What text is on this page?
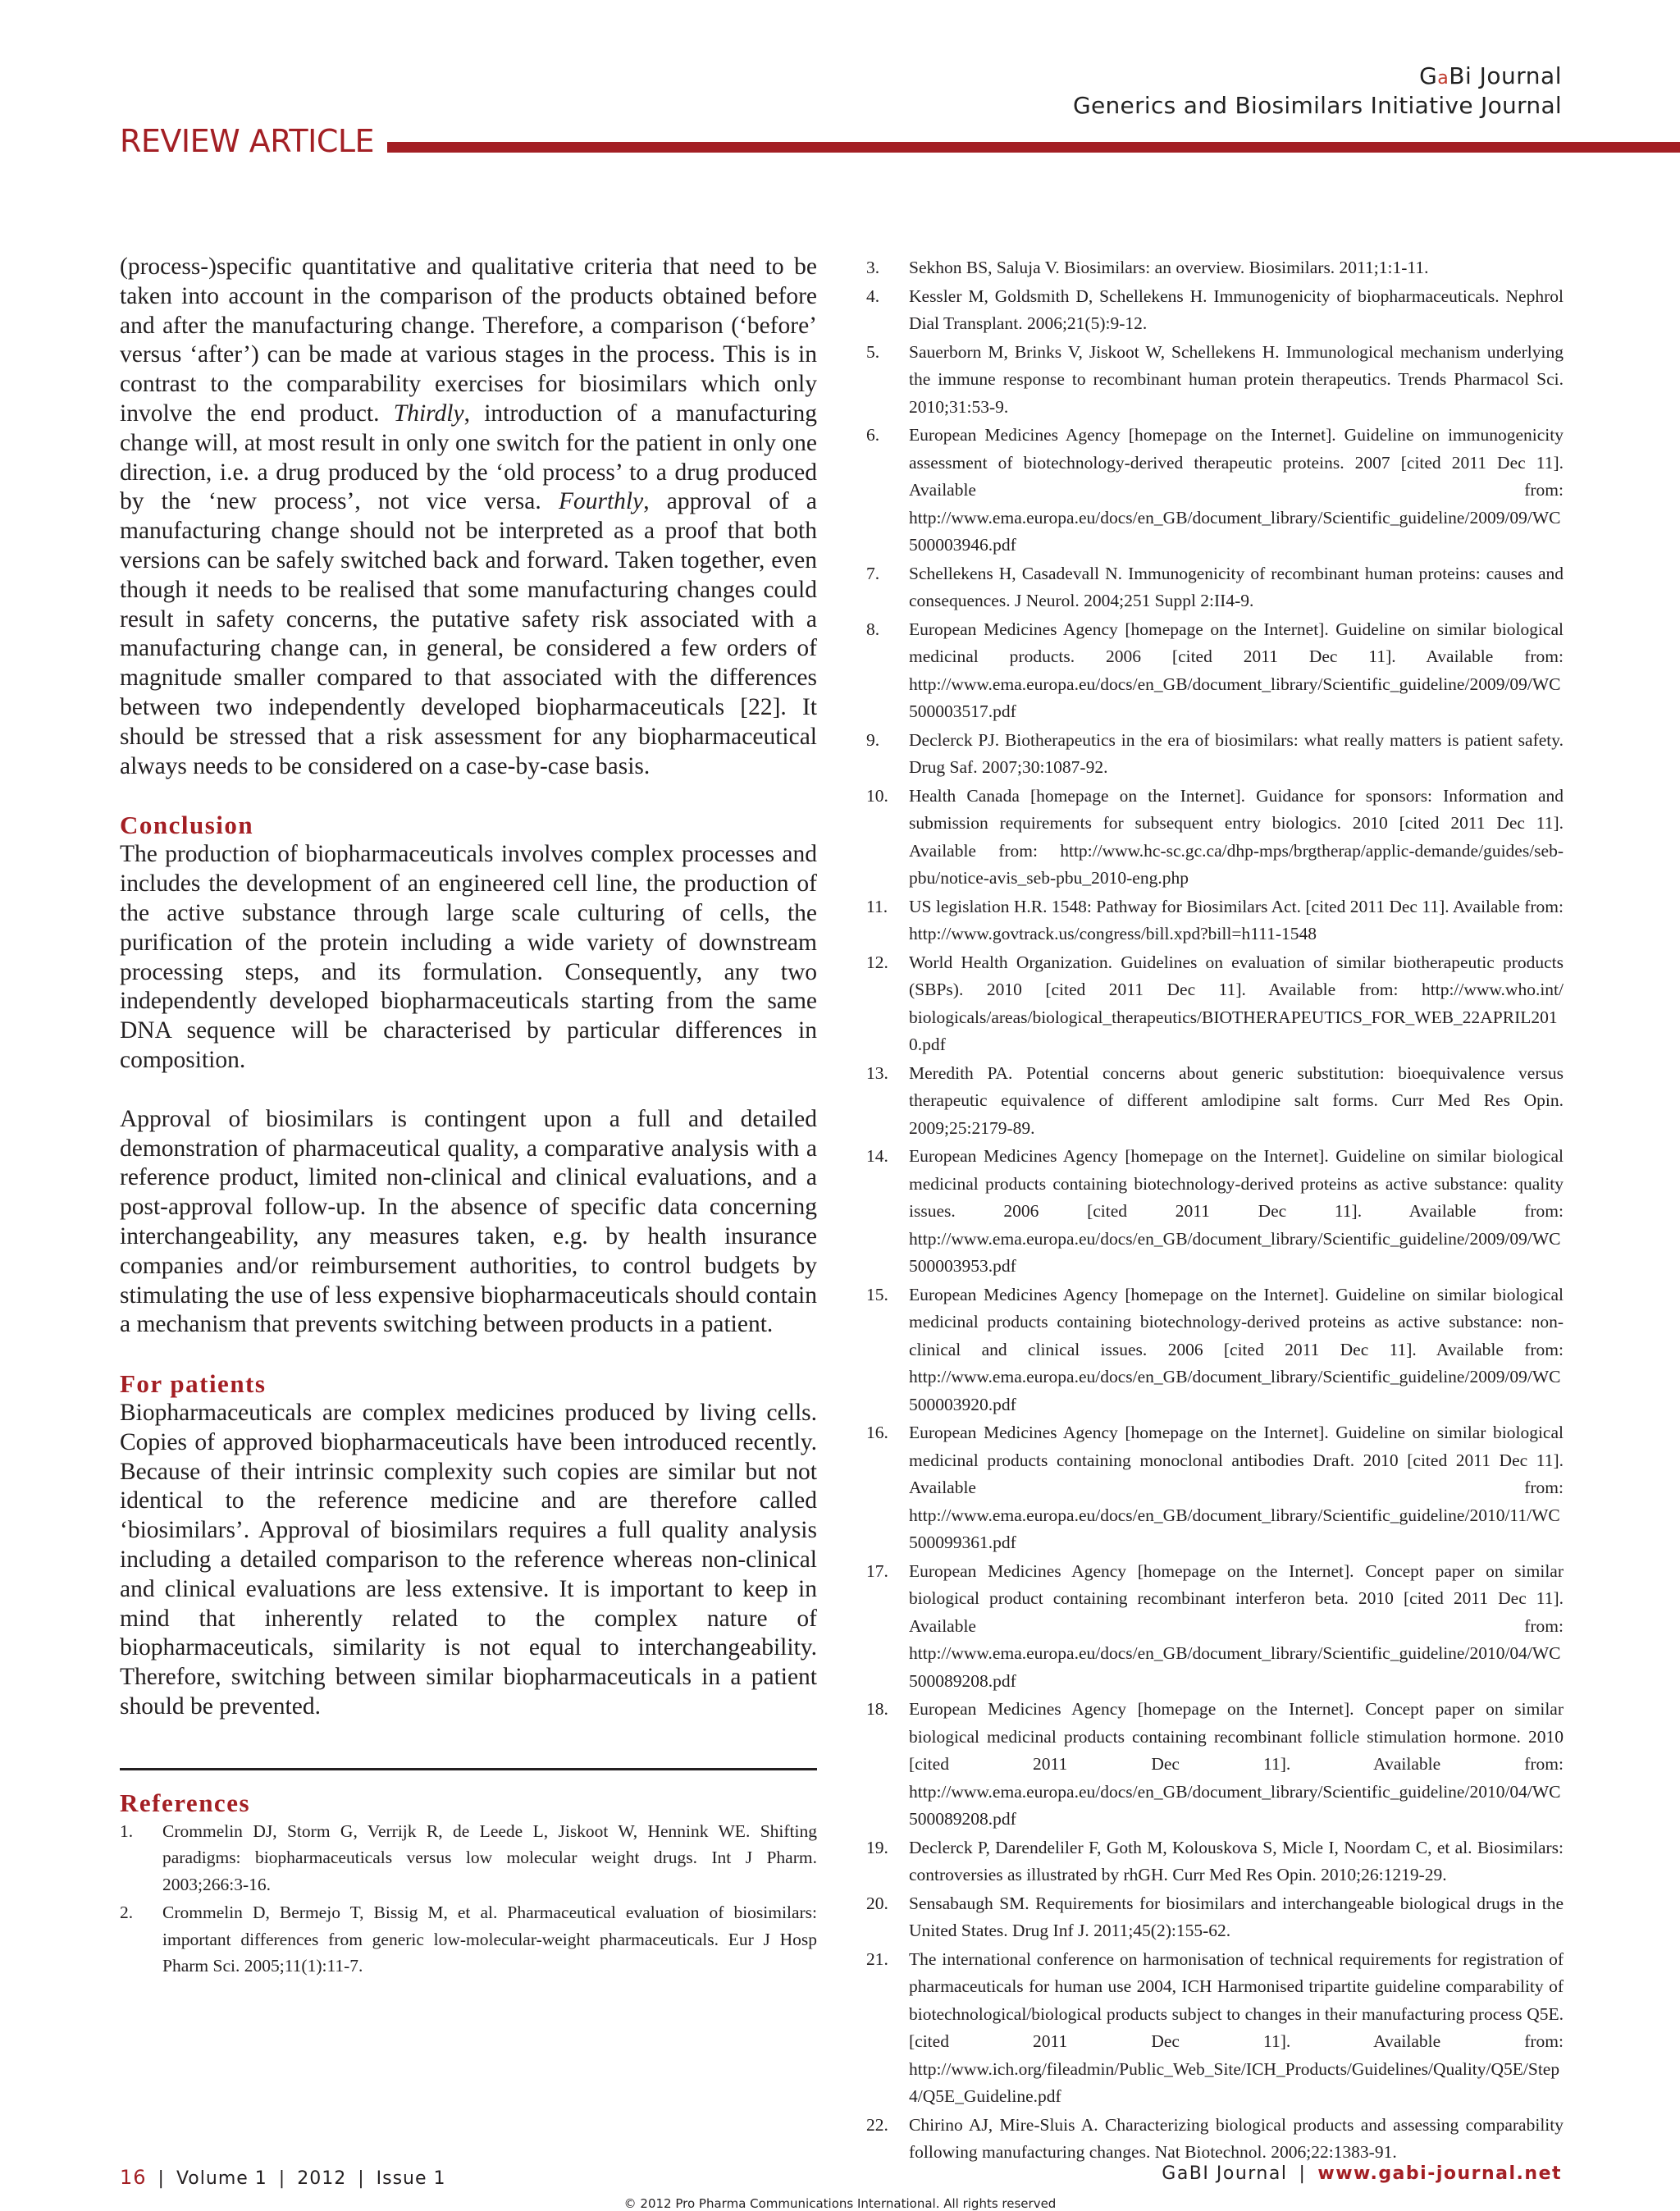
GaBi Journal
Generics and Biosimilars Initiative Journal
REVIEW ARTICLE

(process-)specific quantitative and qualitative criteria that need to be taken into account in the comparison of the products obtained before and after the manufacturing change. Therefore, a comparison (‘before’ versus ‘after’) can be made at various stages in the process. This is in contrast to the comparability exercises for biosimilars which only involve the end product. Thirdly, introduction of a manufacturing change will, at most result in only one switch for the patient in only one direction, i.e. a drug produced by the ‘old process’ to a drug produced by the ‘new process’, not vice versa. Fourthly, approval of a manufacturing change should not be interpreted as a proof that both versions can be safely switched back and forward. Taken together, even though it needs to be realised that some manufacturing changes could result in safety concerns, the putative safety risk associated with a manufacturing change can, in general, be considered a few orders of magnitude smaller compared to that associated with the differences between two independently developed biopharmaceuticals [22]. It should be stressed that a risk assessment for any biopharmaceutical always needs to be considered on a case-by-case basis.

Conclusion

The production of biopharmaceuticals involves complex processes and includes the development of an engineered cell line, the production of the active substance through large scale culturing of cells, the purification of the protein including a wide variety of downstream processing steps, and its formulation. Consequently, any two independently developed biopharmaceuticals starting from the same DNA sequence will be characterised by particular differences in composition.

Approval of biosimilars is contingent upon a full and detailed demonstration of pharmaceutical quality, a comparative analysis with a reference product, limited non-clinical and clinical evaluations, and a post-approval follow-up. In the absence of specific data concerning interchangeability, any measures taken, e.g. by health insurance companies and/or reimbursement authorities, to control budgets by stimulating the use of less expensive biopharmaceuticals should contain a mechanism that prevents switching between products in a patient.

For patients

Biopharmaceuticals are complex medicines produced by living cells. Copies of approved biopharmaceuticals have been introduced recently. Because of their intrinsic complexity such copies are similar but not identical to the reference medicine and are therefore called ‘biosimilars’. Approval of biosimilars requires a full quality analysis including a detailed comparison to the reference whereas non-clinical and clinical evaluations are less extensive. It is important to keep in mind that inherently related to the complex nature of biopharmaceuticals, similarity is not equal to interchangeability. Therefore, switching between similar biopharmaceuticals in a patient should be prevented.

References
1.	Crommelin DJ, Storm G, Verrijk R, de Leede L, Jiskoot W, Hennink WE. Shifting paradigms: biopharmaceuticals versus low molecular weight drugs. Int J Pharm. 2003;266:3-16.
2.	Crommelin D, Bermejo T, Bissig M, et al. Pharmaceutical evaluation of biosimilars: important differences from generic low-molecular-weight pharmaceuticals. Eur J Hosp Pharm Sci. 2005;11(1):11-7.
3.	Sekhon BS, Saluja V. Biosimilars: an overview. Biosimilars. 2011;1:1-11.
4.	Kessler M, Goldsmith D, Schellekens H. Immunogenicity of biopharmaceuticals. Nephrol Dial Transplant. 2006;21(5):9-12.
5.	Sauerborn M, Brinks V, Jiskoot W, Schellekens H. Immunological mechanism underlying the immune response to recombinant human protein therapeutics. Trends Pharmacol Sci. 2010;31:53-9.
6.	European Medicines Agency [homepage on the Internet]. Guideline on immunogenicity assessment of biotechnology-derived therapeutic proteins. 2007 [cited 2011 Dec 11]. Available from: http://www.ema.europa.eu/docs/en_GB/document_library/Scientific_guideline/2009/09/WC500003946.pdf
7.	Schellekens H, Casadevall N. Immunogenicity of recombinant human proteins: causes and consequences. J Neurol. 2004;251 Suppl 2:II4-9.
8.	European Medicines Agency [homepage on the Internet]. Guideline on similar biological medicinal products. 2006 [cited 2011 Dec 11]. Available from: http://www.ema.europa.eu/docs/en_GB/document_library/Scientific_guideline/2009/09/WC500003517.pdf
9.	Declerck PJ. Biotherapeutics in the era of biosimilars: what really matters is patient safety. Drug Saf. 2007;30:1087-92.
10.	Health Canada [homepage on the Internet]. Guidance for sponsors: Information and submission requirements for subsequent entry biologics. 2010 [cited 2011 Dec 11]. Available from: http://www.hc-sc.gc.ca/dhp-mps/brgtherap/applic-demande/guides/seb-pbu/notice-avis_seb-pbu_2010-eng.php
11.	US legislation H.R. 1548: Pathway for Biosimilars Act. [cited 2011 Dec 11]. Available from: http://www.govtrack.us/congress/bill.xpd?bill=h111-1548
12.	World Health Organization. Guidelines on evaluation of similar biotherapeutic products (SBPs). 2010 [cited 2011 Dec 11]. Available from: http://www.who.int/ biologicals/areas/biological_therapeutics/BIOTHERAPEUTICS_FOR_WEB_22APRIL2010.pdf
13.	Meredith PA. Potential concerns about generic substitution: bioequivalence versus therapeutic equivalence of different amlodipine salt forms. Curr Med Res Opin. 2009;25:2179-89.
14.	European Medicines Agency [homepage on the Internet]. Guideline on similar biological medicinal products containing biotechnology-derived proteins as active substance: quality issues. 2006 [cited 2011 Dec 11]. Available from: http://www.ema.europa.eu/docs/en_GB/document_library/Scientific_guideline/2009/09/WC500003953.pdf
15.	European Medicines Agency [homepage on the Internet]. Guideline on similar biological medicinal products containing biotechnology-derived proteins as active substance: non-clinical and clinical issues. 2006 [cited 2011 Dec 11]. Available from: http://www.ema.europa.eu/docs/en_GB/document_library/Scientific_guideline/2009/09/WC500003920.pdf
16.	European Medicines Agency [homepage on the Internet]. Guideline on similar biological medicinal products containing monoclonal antibodies Draft. 2010 [cited 2011 Dec 11]. Available from: http://www.ema.europa.eu/docs/en_GB/document_library/Scientific_guideline/2010/11/WC500099361.pdf
17.	European Medicines Agency [homepage on the Internet]. Concept paper on similar biological product containing recombinant interferon beta. 2010 [cited 2011 Dec 11]. Available from: http://www.ema.europa.eu/docs/en_GB/document_library/Scientific_guideline/2010/04/WC500089208.pdf
18.	European Medicines Agency [homepage on the Internet]. Concept paper on similar biological medicinal products containing recombinant follicle stimulation hormone. 2010 [cited 2011 Dec 11]. Available from: http://www.ema.europa.eu/docs/en_GB/document_library/Scientific_guideline/2010/04/WC500089208.pdf
19.	Declerck P, Darendeliler F, Goth M, Kolouskova S, Micle I, Noordam C, et al. Biosimilars: controversies as illustrated by rhGH. Curr Med Res Opin. 2010;26:1219-29.
20.	Sensabaugh SM. Requirements for biosimilars and interchangeable biological drugs in the United States. Drug Inf J. 2011;45(2):155-62.
21.	The international conference on harmonisation of technical requirements for registration of pharmaceuticals for human use 2004, ICH Harmonised tripartite guideline comparability of biotechnological/biological products subject to changes in their manufacturing process Q5E. [cited 2011 Dec 11]. Available from: http://www.ich.org/fileadmin/Public_Web_Site/ICH_Products/Guidelines/Quality/Q5E/Step4/Q5E_Guideline.pdf
22.	Chirino AJ, Mire-Sluis A. Characterizing biological products and assessing comparability following manufacturing changes. Nat Biotechnol. 2006;22:1383-91.
16 | Volume 1 | 2012 | Issue 1	GaBI Journal | www.gabi-journal.net
© 2012 Pro Pharma Communications International. All rights reserved
